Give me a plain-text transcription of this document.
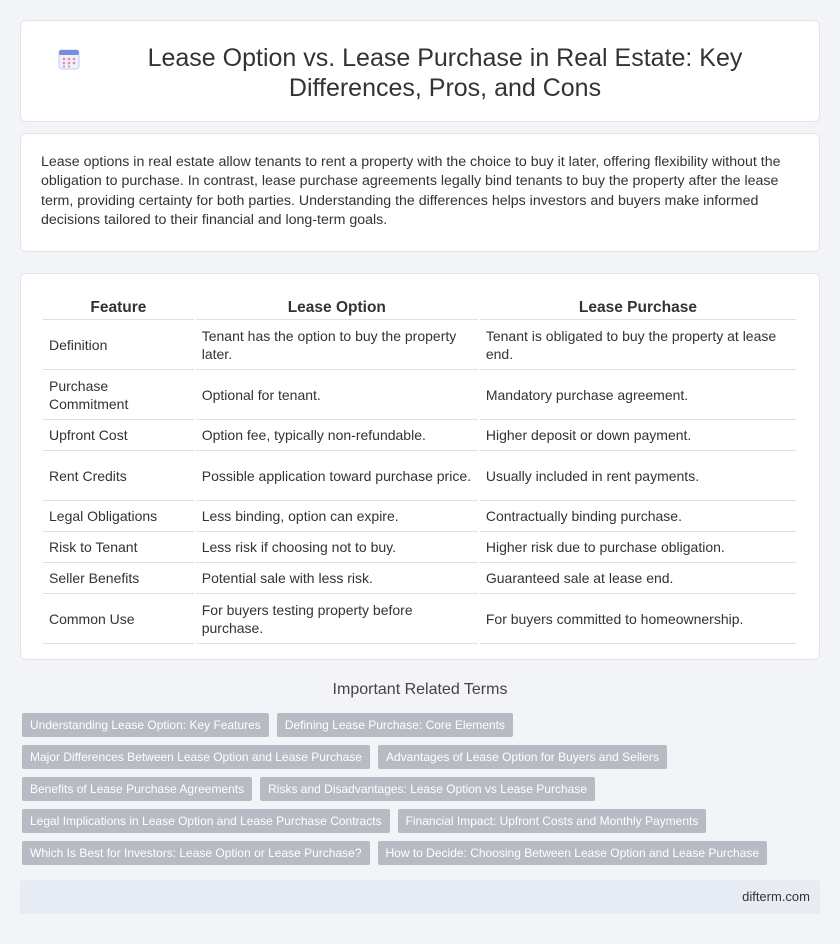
Lease Option vs. Lease Purchase in Real Estate: Key Differences, Pros, and Cons

Lease options in real estate allow tenants to rent a property with the choice to buy it later, offering flexibility without the obligation to purchase. In contrast, lease purchase agreements legally bind tenants to buy the property after the lease term, providing certainty for both parties. Understanding the differences helps investors and buyers make informed decisions tailored to their financial and long-term goals.

Feature	Lease Option	Lease Purchase
Definition	Tenant has the option to buy the property later.	Tenant is obligated to buy the property at lease end.
Purchase Commitment	Optional for tenant.	Mandatory purchase agreement.
Upfront Cost	Option fee, typically non-refundable.	Higher deposit or down payment.
Rent Credits	Possible application toward purchase price.	Usually included in rent payments.
Legal Obligations	Less binding, option can expire.	Contractually binding purchase.
Risk to Tenant	Less risk if choosing not to buy.	Higher risk due to purchase obligation.
Seller Benefits	Potential sale with less risk.	Guaranteed sale at lease end.
Common Use	For buyers testing property before purchase.	For buyers committed to homeownership.
Important Related Terms
Understanding Lease Option: Key Features	Defining Lease Purchase: Core Elements
Major Differences Between Lease Option and Lease Purchase	Advantages of Lease Option for Buyers and Sellers
Benefits of Lease Purchase Agreements	Risks and Disadvantages: Lease Option vs Lease Purchase
Legal Implications in Lease Option and Lease Purchase Contracts	Financial Impact: Upfront Costs and Monthly Payments
Which Is Best for Investors: Lease Option or Lease Purchase?	How to Decide: Choosing Between Lease Option and Lease Purchase
difterm.com
